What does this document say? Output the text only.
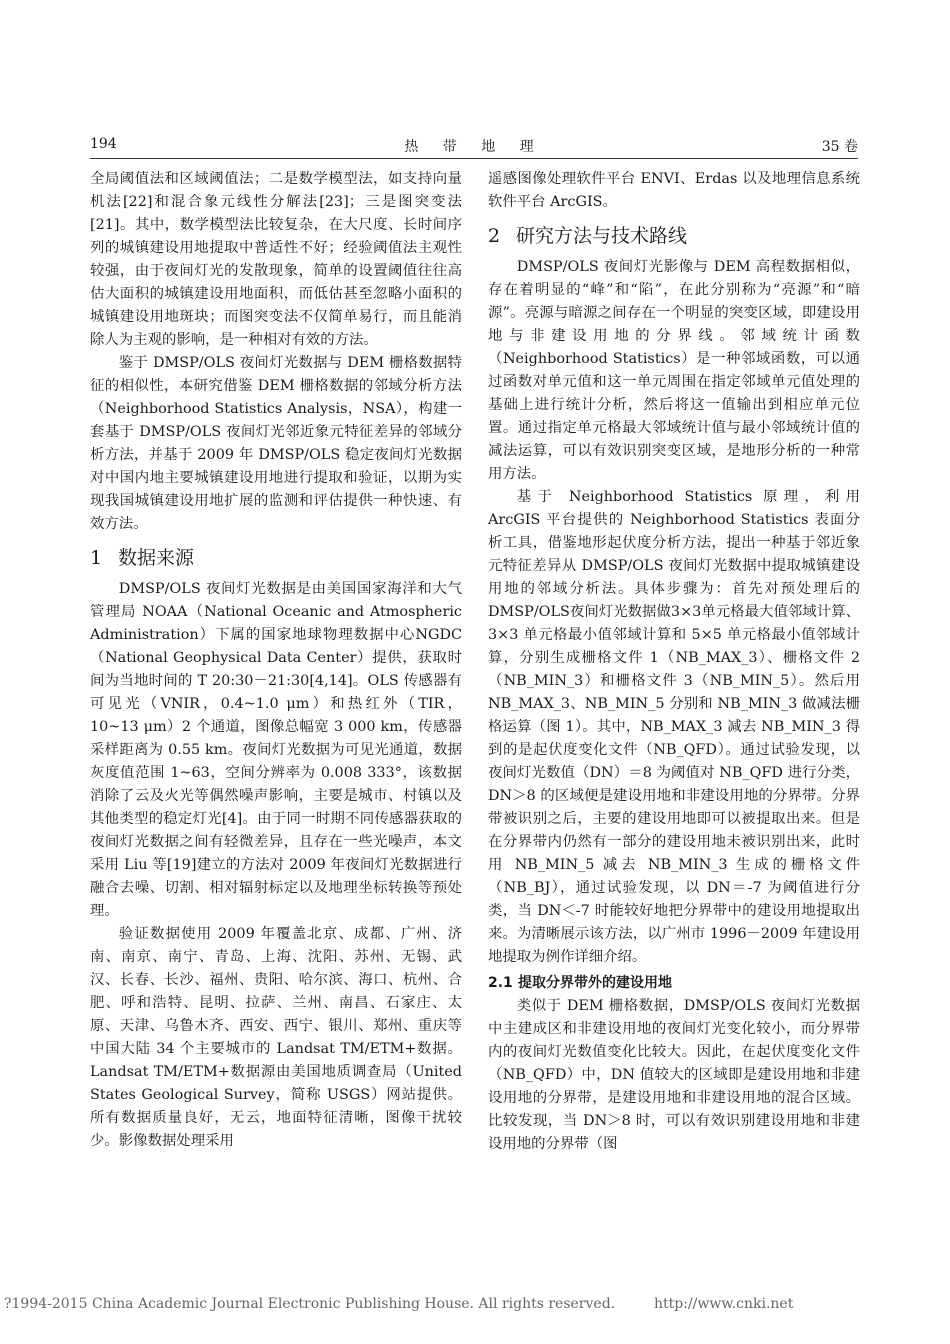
194	热 带 地 理	35 卷

全局阈值法和区域阈值法；二是数学模型法，如支持向量机法[22]和混合象元线性分解法[23]；三是图突变法[21]。其中，数学模型法比较复杂，在大尺度、长时间序列的城镇建设用地提取中普适性不好；经验阈值法主观性较强，由于夜间灯光的发散现象，简单的设置阈值往往高估大面积的城镇建设用地面积，而低估甚至忽略小面积的城镇建设用地斑块；而图突变法不仅简单易行，而且能消除人为主观的影响，是一种相对有效的方法。

鉴于 DMSP/OLS 夜间灯光数据与 DEM 栅格数据特征的相似性，本研究借鉴 DEM 栅格数据的邻域分析方法（Neighborhood Statistics Analysis，NSA），构建一套基于 DMSP/OLS 夜间灯光邻近象元特征差异的邻域分析方法，并基于 2009 年 DMSP/OLS 稳定夜间灯光数据对中国内地主要城镇建设用地进行提取和验证，以期为实现我国城镇建设用地扩展的监测和评估提供一种快速、有效方法。

1 数据来源

DMSP/OLS 夜间灯光数据是由美国国家海洋和大气管理局 NOAA（National Oceanic and Atmospheric Administration）下属的国家地球物理数据中心NGDC（National Geophysical Data Center）提供，获取时间为当地时间的 T 20:30－21:30[4,14]。OLS 传感器有可见光（VNIR，0.4~1.0 μm）和热红外（TIR，10~13 μm）2 个通道，图像总幅宽 3 000 km，传感器采样距离为 0.55 km。夜间灯光数据为可见光通道，数据灰度值范围 1~63，空间分辨率为 0.008 333°，该数据消除了云及火光等偶然噪声影响，主要是城市、村镇以及其他类型的稳定灯光[4]。由于同一时期不同传感器获取的夜间灯光数据之间有轻微差异，且存在一些光噪声，本文采用 Liu 等[19]建立的方法对 2009 年夜间灯光数据进行融合去噪、切割、相对辐射标定以及地理坐标转换等预处理。

验证数据使用 2009 年覆盖北京、成都、广州、济南、南京、南宁、青岛、上海、沈阳、苏州、无锡、武汉、长春、长沙、福州、贵阳、哈尔滨、海口、杭州、合肥、呼和浩特、昆明、拉萨、兰州、南昌、石家庄、太原、天津、乌鲁木齐、西安、西宁、银川、郑州、重庆等中国大陆 34 个主要城市的 Landsat TM/ETM+数据。Landsat TM/ETM+数据源由美国地质调查局（United States Geological Survey，简称 USGS）网站提供。所有数据质量良好，无云，地面特征清晰，图像干扰较少。影像数据处理采用

遥感图像处理软件平台 ENVI、Erdas 以及地理信息系统软件平台 ArcGIS。

2 研究方法与技术路线

DMSP/OLS 夜间灯光影像与 DEM 高程数据相似，存在着明显的“峰”和“陷”，在此分别称为“亮源”和“暗源”。亮源与暗源之间存在一个明显的突变区域，即建设用地与非建设用地的分界线。邻域统计函数（Neighborhood Statistics）是一种邻域函数，可以通过函数对单元值和这一单元周围在指定邻域单元值处理的基础上进行统计分析，然后将这一值输出到相应单元位置。通过指定单元格最大邻域统计值与最小邻域统计值的减法运算，可以有效识别突变区域，是地形分析的一种常用方法。

基于 Neighborhood Statistics 原理，利用 ArcGIS 平台提供的 Neighborhood Statistics 表面分析工具，借鉴地形起伏度分析方法，提出一种基于邻近象元特征差异从 DMSP/OLS 夜间灯光数据中提取城镇建设用地的邻域分析法。具体步骤为：首先对预处理后的DMSP/OLS夜间灯光数据做3×3单元格最大值邻域计算、3×3 单元格最小值邻域计算和 5×5 单元格最小值邻域计算，分别生成栅格文件 1（NB_MAX_3）、栅格文件 2（NB_MIN_3）和栅格文件 3（NB_MIN_5）。然后用 NB_MAX_3、NB_MIN_5 分别和 NB_MIN_3 做减法栅格运算（图 1）。其中，NB_MAX_3 减去 NB_MIN_3 得到的是起伏度变化文件（NB_QFD）。通过试验发现，以夜间灯光数值（DN）＝8 为阈值对 NB_QFD 进行分类，DN＞8 的区域便是建设用地和非建设用地的分界带。分界带被识别之后，主要的建设用地即可以被提取出来。但是在分界带内仍然有一部分的建设用地未被识别出来，此时用 NB_MIN_5 减去 NB_MIN_3 生成的栅格文件（NB_BJ），通过试验发现，以 DN＝-7 为阈值进行分类，当 DN＜-7 时能较好地把分界带中的建设用地提取出来。为清晰展示该方法，以广州市 1996－2009 年建设用地提取为例作详细介绍。

2.1 提取分界带外的建设用地

类似于 DEM 栅格数据，DMSP/OLS 夜间灯光数据中主建成区和非建设用地的夜间灯光变化较小，而分界带内的夜间灯光数值变化比较大。因此，在起伏度变化文件（NB_QFD）中，DN 值较大的区域即是建设用地和非建设用地的分界带，是建设用地和非建设用地的混合区域。比较发现，当 DN＞8 时，可以有效识别建设用地和非建设用地的分界带（图

?1994-2015 China Academic Journal Electronic Publishing House. All rights reserved.	http://www.cnki.net
